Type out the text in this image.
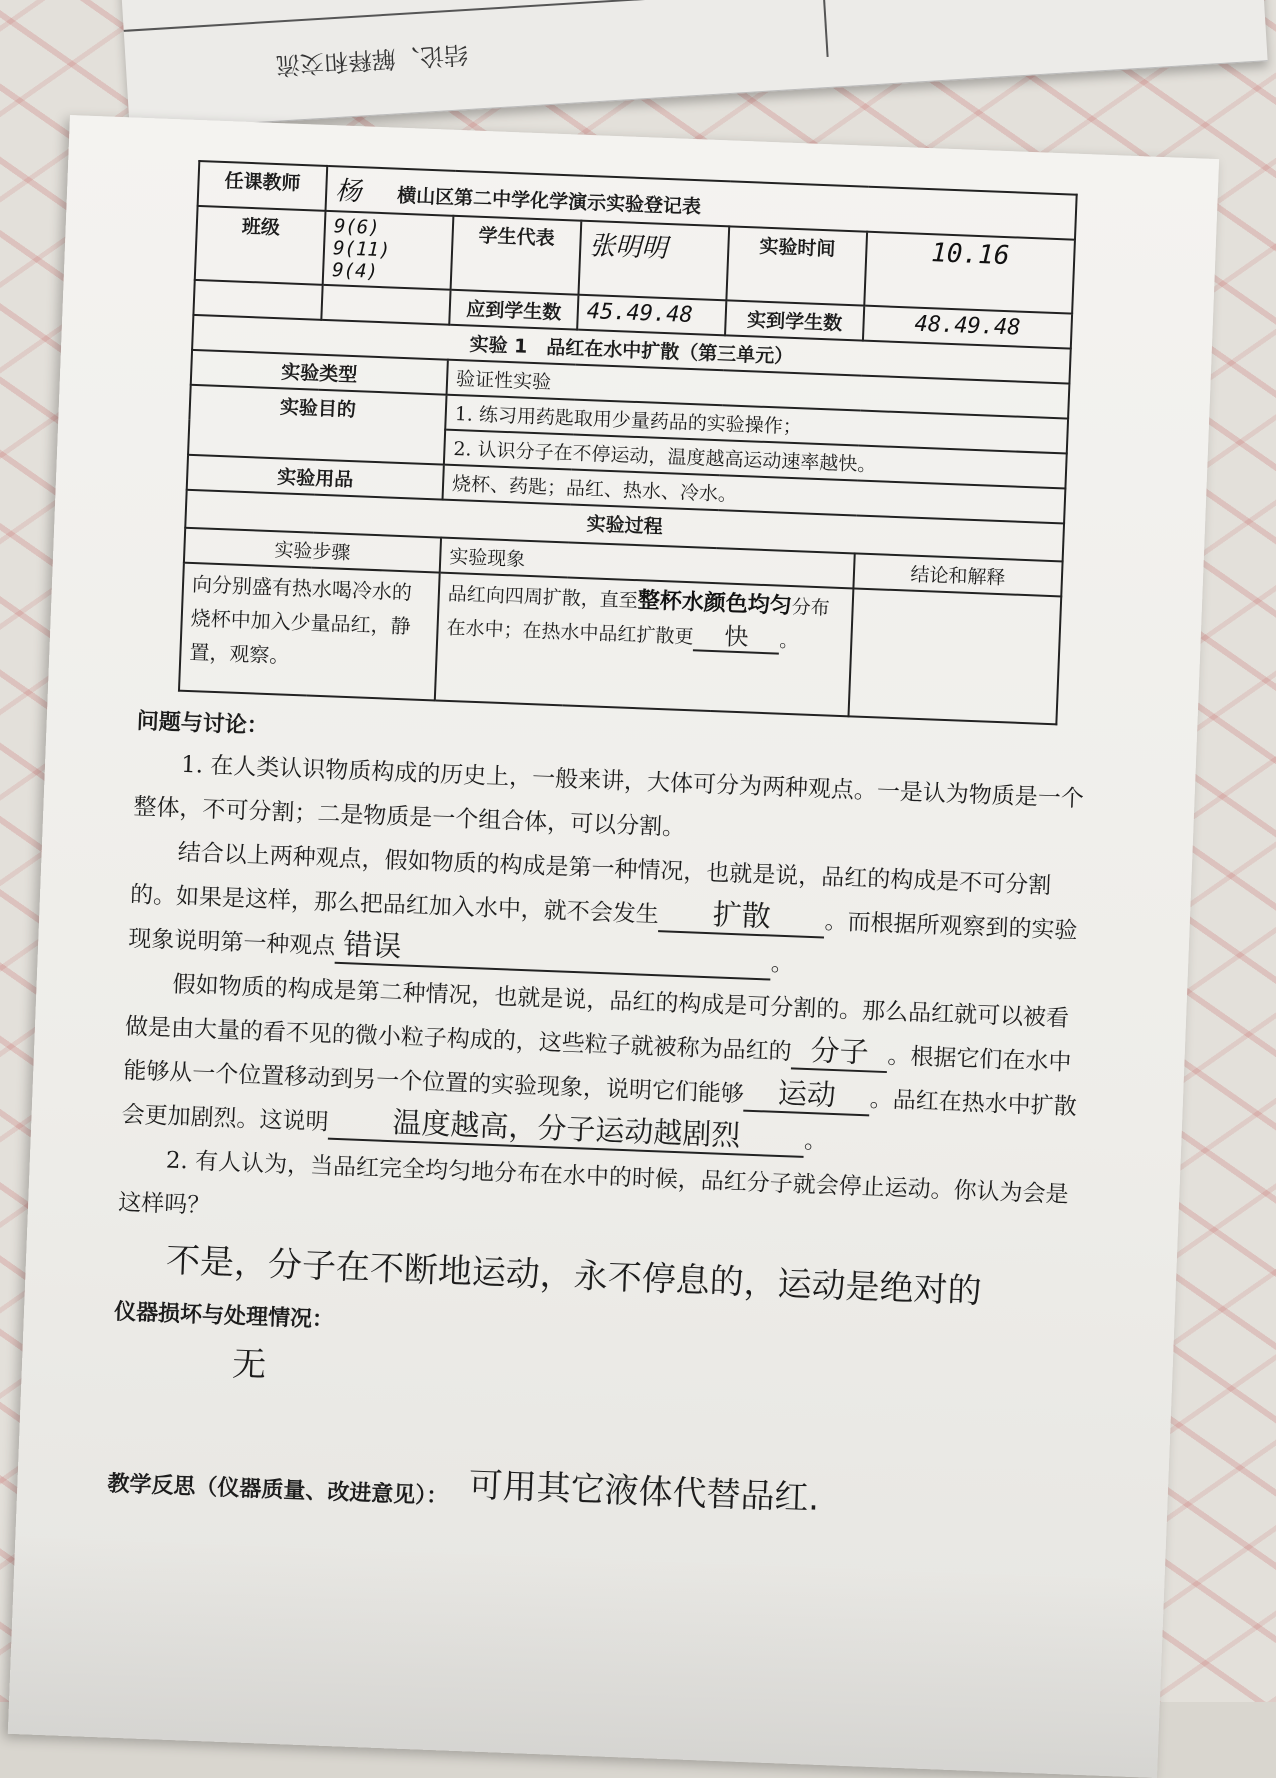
结论、解释和交流
任课教师	杨 横山区第二中学化学演示实验登记表				
班级	9(6) 9(11) 9(4)	学生代表	张明明	实验时间	10.16
		应到学生数	45.49.48	实到学生数	48.49.48
实验 1　品红在水中扩散（第三单元）					
实验类型		验证性实验			
实验目的		1. 练习用药匙取用少量药品的实验操作；			
		2. 认识分子在不停运动，温度越高运动速率越快。			
实验用品		烧杯、药匙；品红、热水、冷水。			
实验过程					
实验步骤		实验现象			结论和解释
向分别盛有热水喝冷水的烧杯中加入少量品红，静置，观察。		品红向四周扩散，直至整杯水颜色均匀分布在水中；在热水中品红扩散更 快 。			
问题与讨论：

1. 在人类认识物质构成的历史上，一般来讲，大体可分为两种观点。一是认为物质是一个整体，不可分割；二是物质是一个组合体，可以分割。

结合以上两种观点，假如物质的构成是第一种情况，也就是说，品红的构成是不可分割的。如果是这样，那么把品红加入水中，就不会发生 扩散 。而根据所观察到的实验现象说明第一种观点 错误。

假如物质的构成是第二种情况，也就是说，品红的构成是可分割的。那么品红就可以被看做是由大量的看不见的微小粒子构成的，这些粒子就被称为品红的 分子 。根据它们在水中能够从一个位置移动到另一个位置的实验现象，说明它们能够 运动 。品红在热水中扩散会更加剧烈。这说明 温度越高，分子运动越剧烈	。

2. 有人认为，当品红完全均匀地分布在水中的时候，品红分子就会停止运动。你认为会是这样吗？

不是，分子在不断地运动，永不停息的，运动是绝对的
仪器损坏与处理情况：
无
教学反思（仪器质量、改进意见）： 可用其它液体代替品红.
